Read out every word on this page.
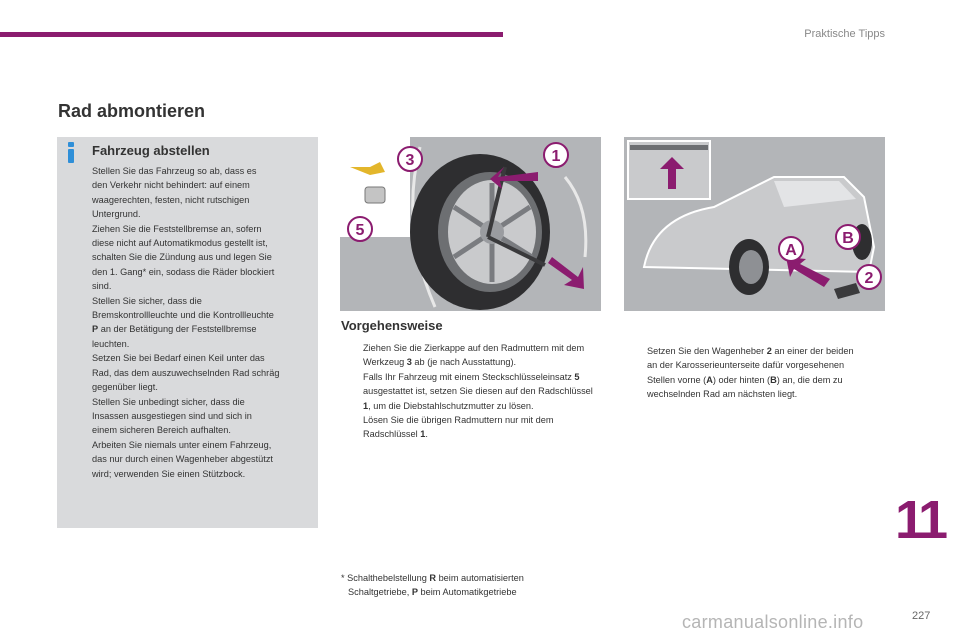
Praktische Tipps
Rad abmontieren
Fahrzeug abstellen

Stellen Sie das Fahrzeug so ab, dass es

den Verkehr nicht behindert: auf einem

waagerechten, festen, nicht rutschigen

Untergrund.

Ziehen Sie die Feststellbremse an, sofern

diese nicht auf Automatikmodus gestellt ist,

schalten Sie die Zündung aus und legen Sie

den 1. Gang* ein, sodass die Räder blockiert

sind.

Stellen Sie sicher, dass die

Bremskontrollleuchte und die Kontrollleuchte

P an der Betätigung der Feststellbremse

leuchten.

Setzen Sie bei Bedarf einen Keil unter das

Rad, das dem auszuwechselnden Rad schräg

gegenüber liegt.

Stellen Sie unbedingt sicher, dass die

Insassen ausgestiegen sind und sich in

einem sicheren Bereich aufhalten.

Arbeiten Sie niemals unter einem Fahrzeug,

das nur durch einen Wagenheber abgestützt

wird; verwenden Sie einen Stützbock.

3	1
5
A
B
2
Vorgehensweise
Ziehen Sie die Zierkappe auf den Radmuttern mit dem Werkzeug 3 ab (je nach Ausstattung).
Falls Ihr Fahrzeug mit einem Steckschlüsseleinsatz 5 ausgestattet ist, setzen Sie diesen auf den Radschlüssel 1, um die Diebstahlschutzmutter zu lösen.
Lösen Sie die übrigen Radmuttern nur mit dem Radschlüssel 1.
Setzen Sie den Wagenheber 2 an einer der beiden an der Karosserieunterseite dafür vorgesehenen Stellen vorne (A) oder hinten (B) an, die dem zu wechselnden Rad am nächsten liegt.
* Schalthebelstellung R beim automatisierten
Schaltgetriebe, P beim Automatikgetriebe
11
carmanualsonline.info	227
